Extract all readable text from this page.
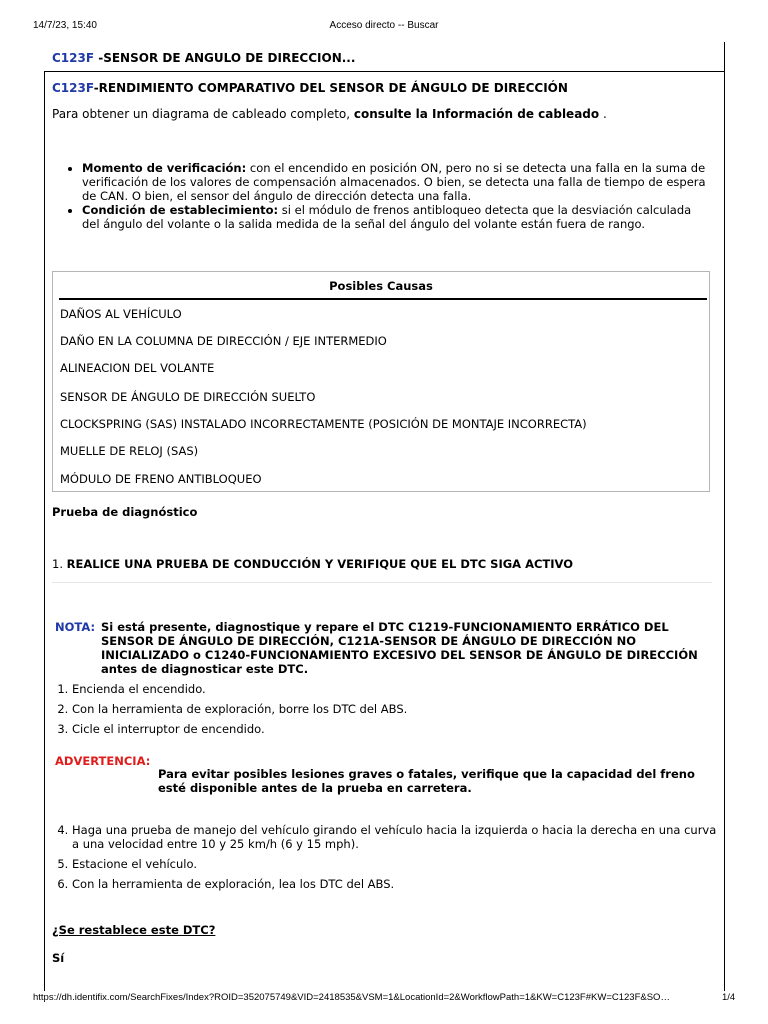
14/7/23, 15:40	Acceso directo -- Buscar
C123F -SENSOR DE ANGULO DE DIRECCION...
C123F-RENDIMIENTO COMPARATIVO DEL SENSOR DE ÁNGULO DE DIRECCIÓN
Para obtener un diagrama de cableado completo, consulte la Información de cableado .
• Momento de verificación: con el encendido en posición ON, pero no si se detecta una falla en la suma de verificación de los valores de compensación almacenados. O bien, se detecta una falla de tiempo de espera de CAN. O bien, el sensor del ángulo de dirección detecta una falla.
• Condición de establecimiento: si el módulo de frenos antibloqueo detecta que la desviación calculada del ángulo del volante o la salida medida de la señal del ángulo del volante están fuera de rango.
Posibles Causas
DAÑOS AL VEHÍCULO
DAÑO EN LA COLUMNA DE DIRECCIÓN / EJE INTERMEDIO
ALINEACION DEL VOLANTE
SENSOR DE ÁNGULO DE DIRECCIÓN SUELTO
CLOCKSPRING (SAS) INSTALADO INCORRECTAMENTE (POSICIÓN DE MONTAJE INCORRECTA)
MUELLE DE RELOJ (SAS)
MÓDULO DE FRENO ANTIBLOQUEO
Prueba de diagnóstico
1. REALICE UNA PRUEBA DE CONDUCCIÓN Y VERIFIQUE QUE EL DTC SIGA ACTIVO
NOTA: Si está presente, diagnostique y repare el DTC C1219-FUNCIONAMIENTO ERRÁTICO DEL SENSOR DE ÁNGULO DE DIRECCIÓN, C121A-SENSOR DE ÁNGULO DE DIRECCIÓN NO INICIALIZADO o C1240-FUNCIONAMIENTO EXCESIVO DEL SENSOR DE ÁNGULO DE DIRECCIÓN antes de diagnosticar este DTC.
1. Encienda el encendido.
2. Con la herramienta de exploración, borre los DTC del ABS.
3. Cicle el interruptor de encendido.
ADVERTENCIA:
Para evitar posibles lesiones graves o fatales, verifique que la capacidad del freno esté disponible antes de la prueba en carretera.
4. Haga una prueba de manejo del vehículo girando el vehículo hacia la izquierda o hacia la derecha en una curva a una velocidad entre 10 y 25 km/h (6 y 15 mph).
5. Estacione el vehículo.
6. Con la herramienta de exploración, lea los DTC del ABS.
¿Se restablece este DTC?
Sí
https://dh.identifix.com/SearchFixes/Index?ROID=352075749&VID=2418535&VSM=1&LocationId=2&WorkflowPath=1&KW=C123F#KW=C123F&SO…	1/4
